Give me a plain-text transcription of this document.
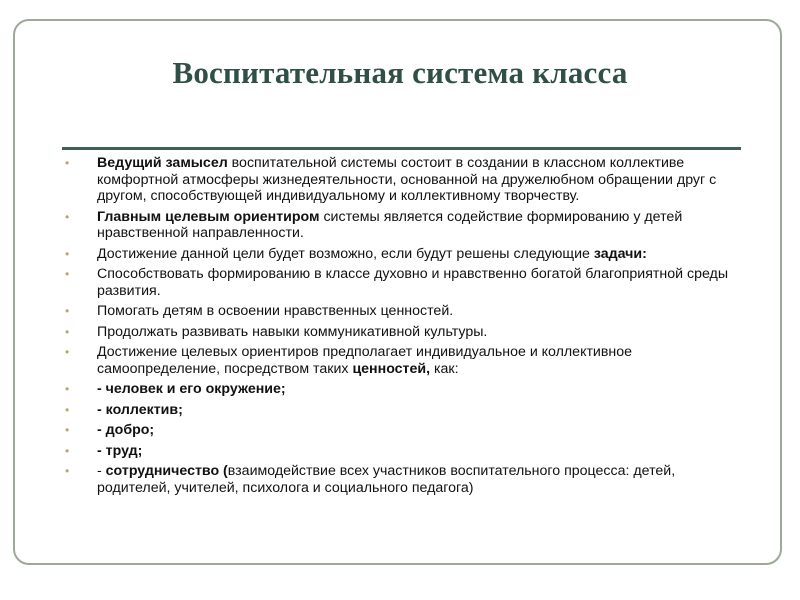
Воспитательная система класса
• Ведущий замысел воспитательной системы состоит в создании в классном коллективе комфортной атмосферы жизнедеятельности, основанной на дружелюбном обращении друг с другом, способствующей индивидуальному и коллективному творчеству.
• Главным целевым ориентиром системы является содействие формированию у детей нравственной направленности.
• Достижение данной цели будет возможно, если будут решены следующие задачи:
• Способствовать формированию в классе духовно и нравственно богатой благоприятной среды развития.
• Помогать детям в освоении нравственных ценностей.
• Продолжать развивать навыки коммуникативной культуры.
• Достижение целевых ориентиров предполагает индивидуальное и коллективное самоопределение, посредством таких ценностей, как:
• - человек и его окружение;
• - коллектив;
• - добро;
• - труд;
• - сотрудничество (взаимодействие всех участников воспитательного процесса: детей, родителей, учителей, психолога и социального педагога)
